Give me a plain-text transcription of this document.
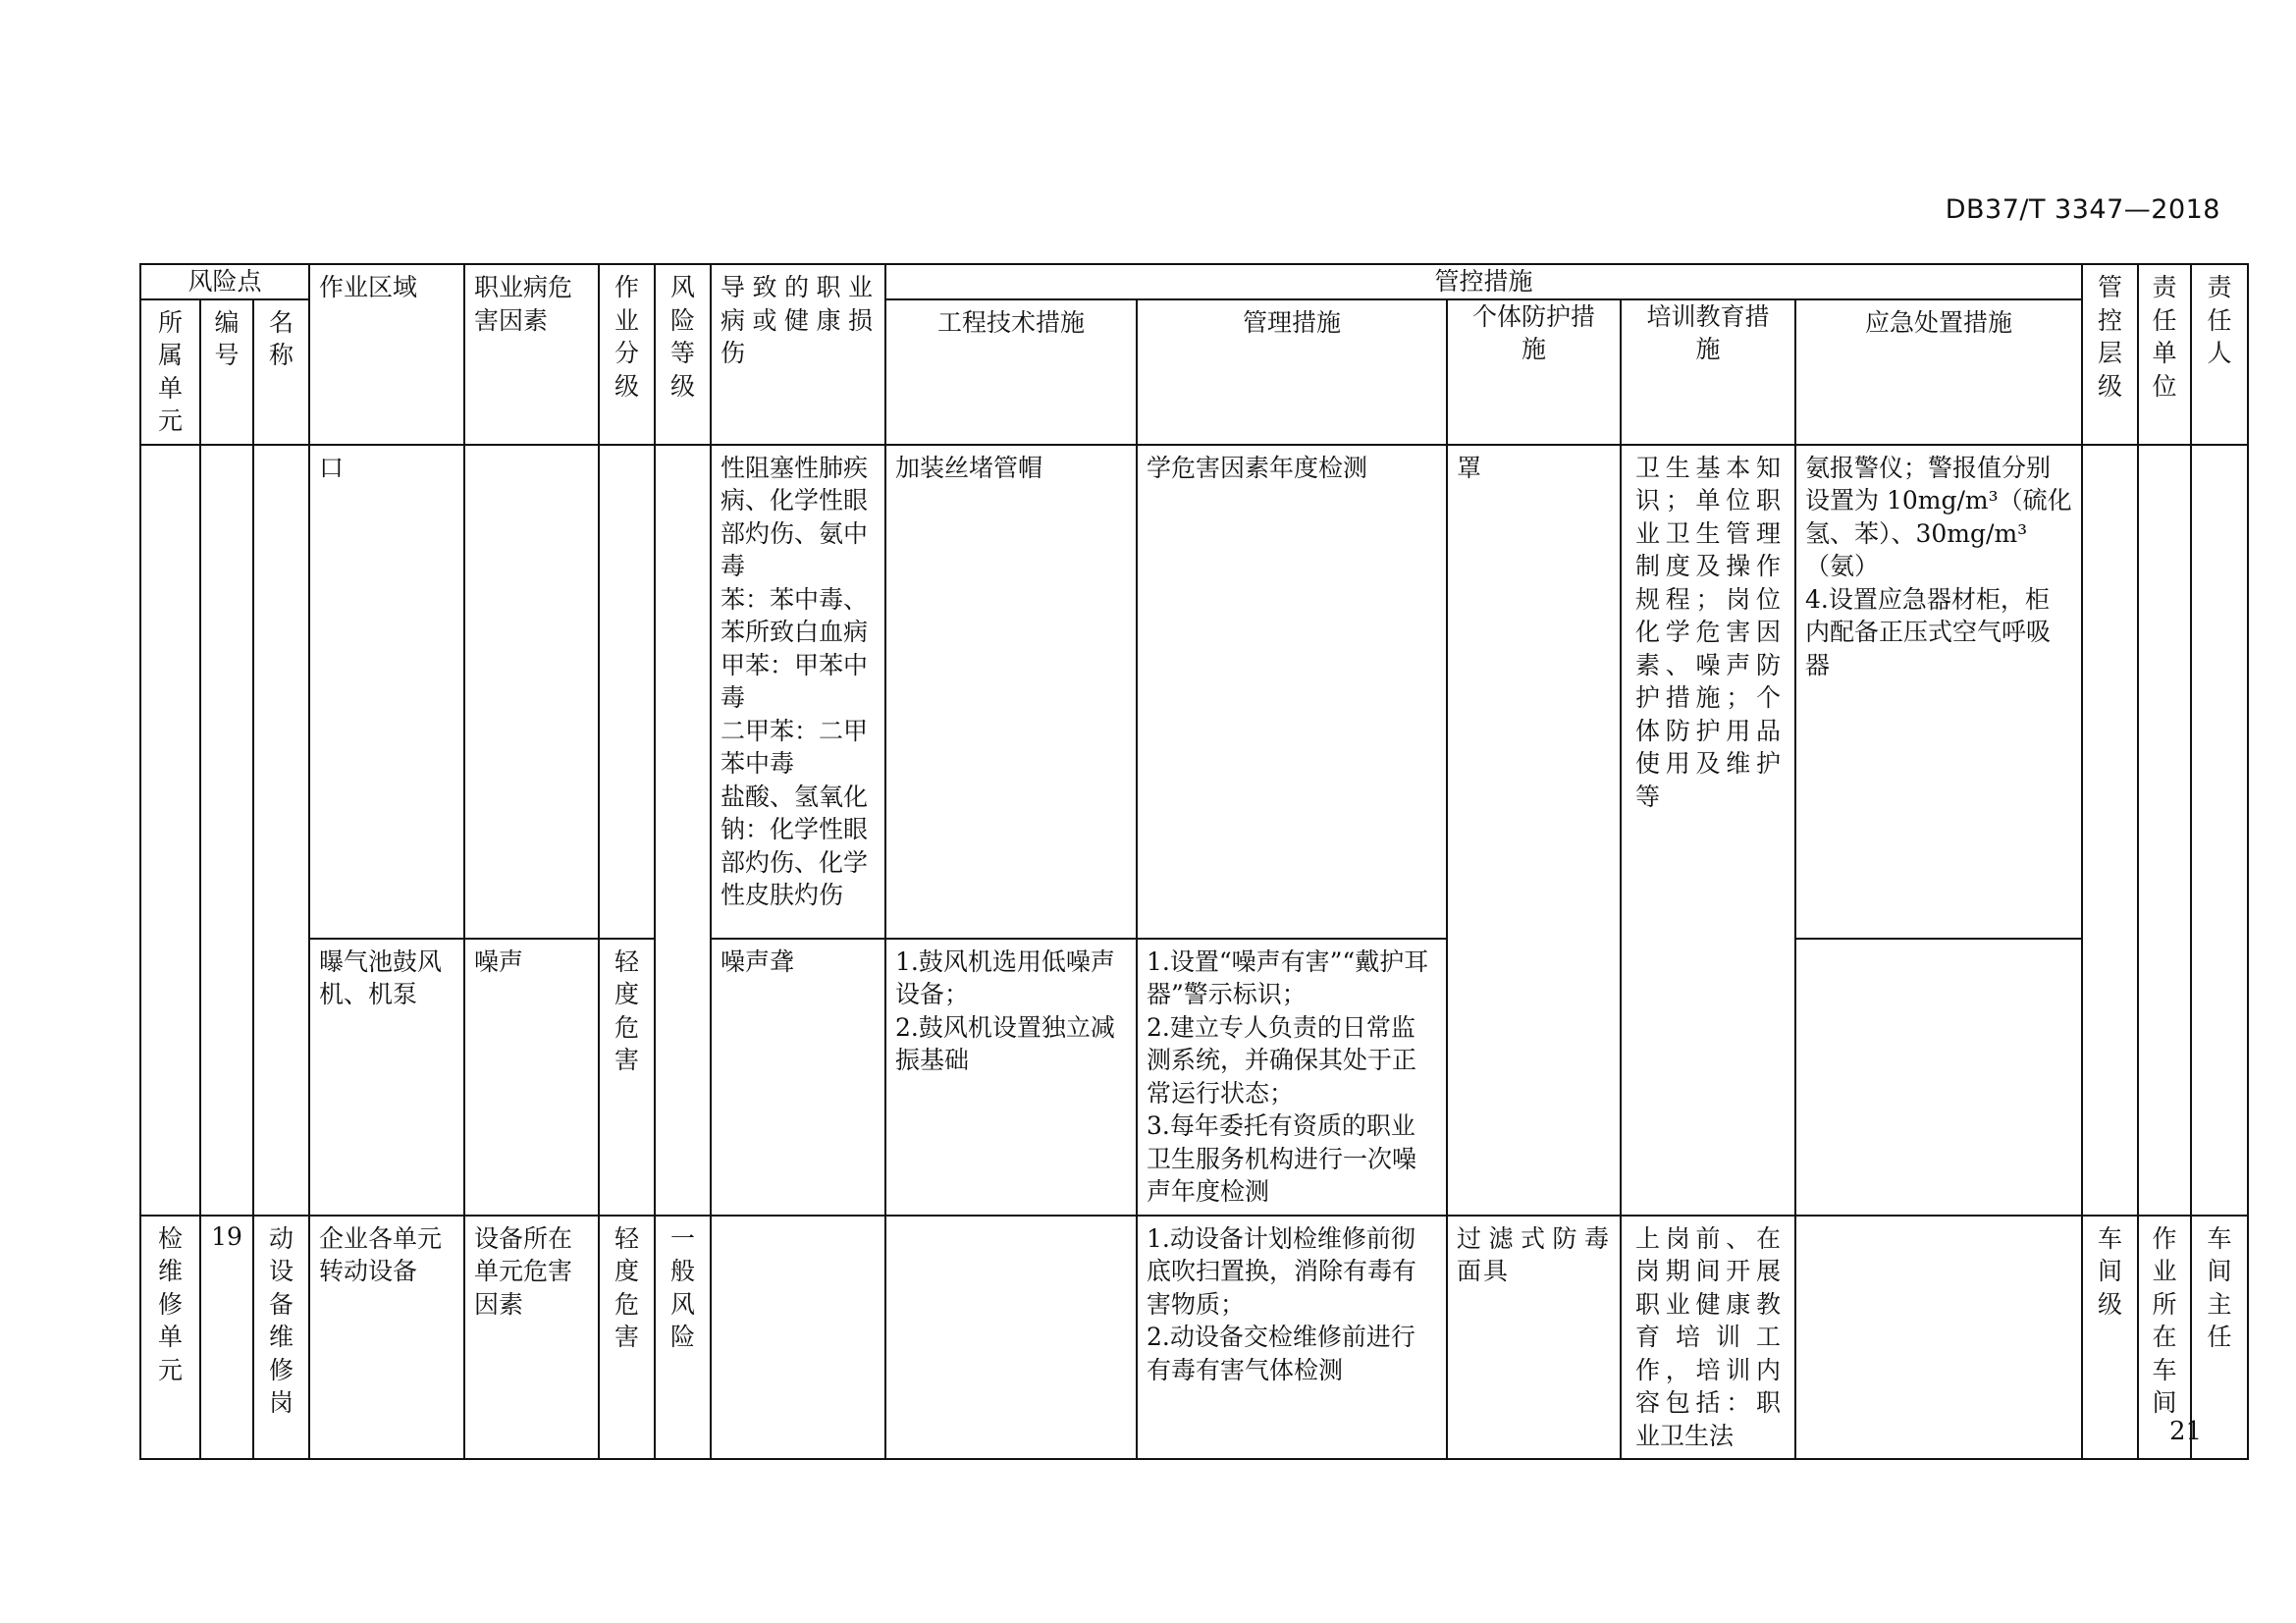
DB37/T 3347—2018
风险点			作业区域	职业病危害因素	作业分级	风险等级	导致的职业病或健康损伤	管控措施					管控层级	责任单位	责任人
所属单元	编号	名称						工程技术措施	管理措施	个体防护措施	培训教育措施	应急处置措施			
			口				性阻塞性肺疾病、化学性眼部灼伤、氨中毒
苯：苯中毒、苯所致白血病
甲苯：甲苯中毒
二甲苯：二甲苯中毒
盐酸、氢氧化钠：化学性眼部灼伤、化学性皮肤灼伤	加装丝堵管帽	学危害因素年度检测	罩	卫生基本知识；单位职业卫生管理制度及操作规程；岗位化学危害因素、噪声防护措施；个体防护用品使用及维护等	氨报警仪；警报值分别设置为 10mg/m³（硫化氢、苯）、30mg/m³（氨）
4.设置应急器材柜，柜内配备正压式空气呼吸器			

			曝气池鼓风机、机泵	噪声	轻度危害		噪声聋	1.鼓风机选用低噪声设备；
2.鼓风机设置独立减振基础	1.设置“噪声有害”“戴护耳器”警示标识；
2.建立专人负责的日常监测系统，并确保其处于正常运行状态；
3.每年委托有资质的职业卫生服务机构进行一次噪声年度检测						

检维修单元	19	动设备维修岗	企业各单元转动设备	设备所在单元危害因素	轻度危害	一般风险			1.动设备计划检维修前彻底吹扫置换，消除有毒有害物质；
2.动设备交检维修前进行有毒有害气体检测	过滤式防毒面具	上岗前、在岗期间开展职业健康教育培训工作，培训内容包括：职业卫生法		车间级	作业所在车间	车间主任
21
